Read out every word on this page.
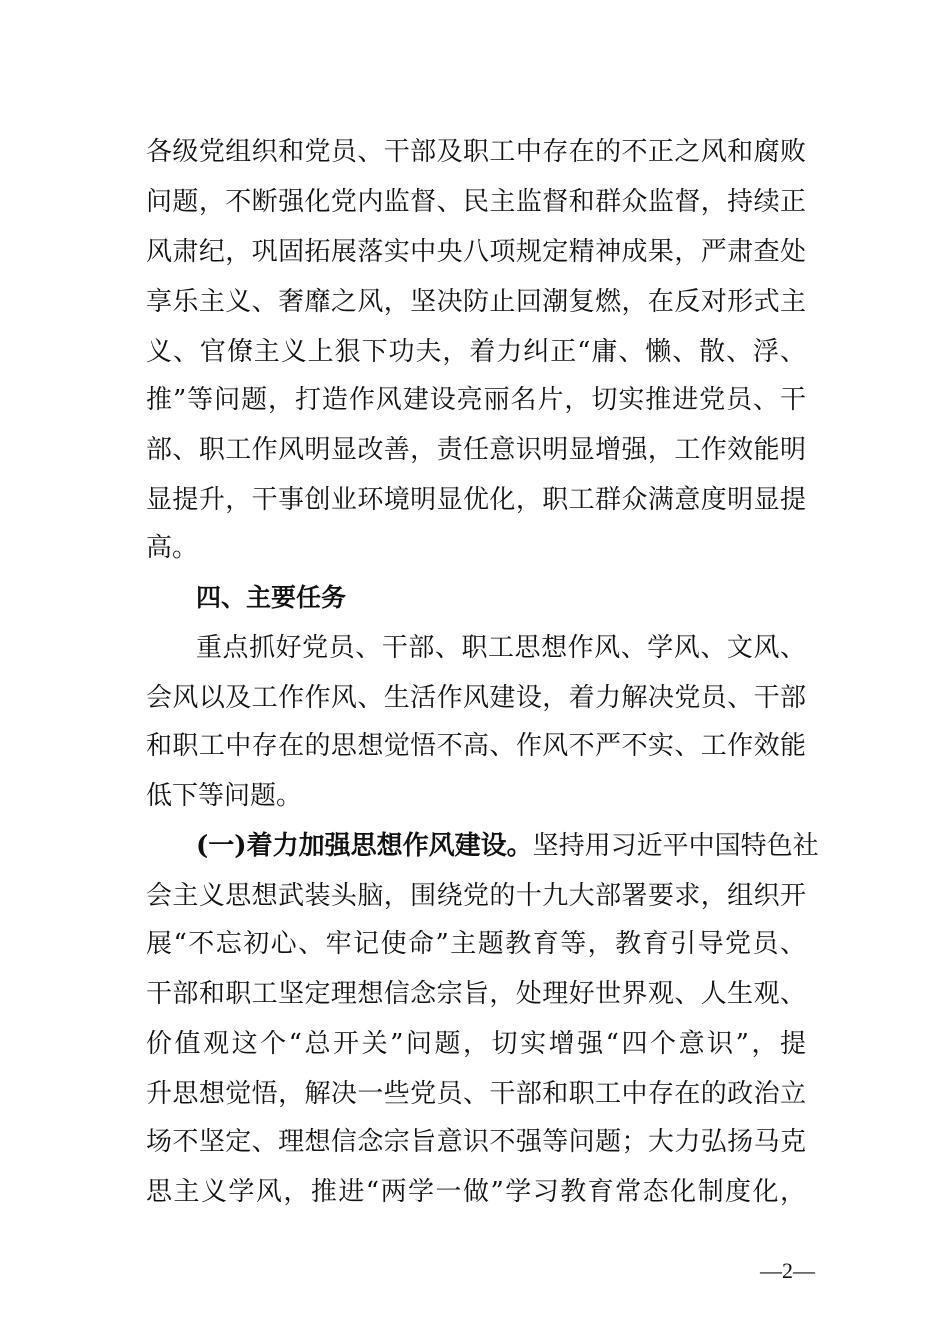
各级党组织和党员、干部及职工中存在的不正之风和腐败
问题，不断强化党内监督、民主监督和群众监督，持续正
风肃纪，巩固拓展落实中央八项规定精神成果，严肃查处
享乐主义、奢靡之风，坚决防止回潮复燃，在反对形式主
义、官僚主义上狠下功夫，着力纠正“庸、懒、散、浮、
推”等问题，打造作风建设亮丽名片，切实推进党员、干
部、职工作风明显改善，责任意识明显增强，工作效能明
显提升，干事创业环境明显优化，职工群众满意度明显提
高。
四、主要任务
重点抓好党员、干部、职工思想作风、学风、文风、
会风以及工作作风、生活作风建设，着力解决党员、干部
和职工中存在的思想觉悟不高、作风不严不实、工作效能
低下等问题。
(一)着力加强思想作风建设。坚持用习近平中国特色社
会主义思想武装头脑，围绕党的十九大部署要求，组织开
展“不忘初心、牢记使命”主题教育等，教育引导党员、
干部和职工坚定理想信念宗旨，处理好世界观、人生观、
价值观这个“总开关”问题，切实增强“四个意识”，提
升思想觉悟，解决一些党员、干部和职工中存在的政治立
场不坚定、理想信念宗旨意识不强等问题；大力弘扬马克
思主义学风，推进“两学一做”学习教育常态化制度化，
—2—
